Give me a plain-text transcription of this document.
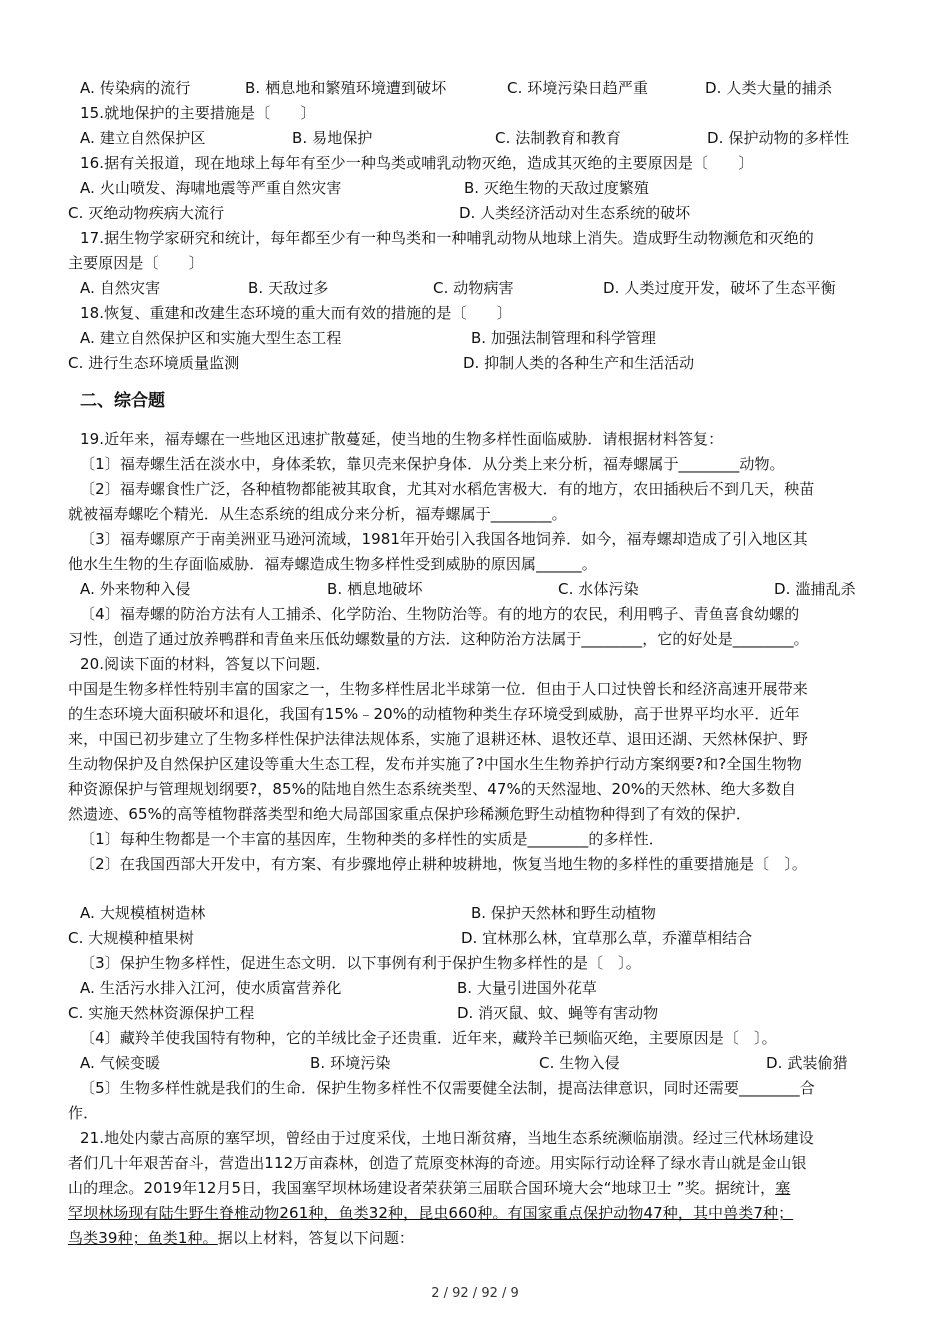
A. 传染病的流行	B. 栖息地和繁殖环境遭到破坏	C. 环境污染日趋严重	D. 人类大量的捕杀
15.就地保护的主要措施是〔　　〕
A. 建立自然保护区	B. 易地保护	C. 法制教育和教育	D. 保护动物的多样性
16.据有关报道，现在地球上每年有至少一种鸟类或哺乳动物灭绝，造成其灭绝的主要原因是〔　　〕
A. 火山喷发、海啸地震等严重自然灾害	B. 灭绝生物的天敌过度繁殖
C. 灭绝动物疾病大流行	D. 人类经济活动对生态系统的破坏
17.据生物学家研究和统计，每年都至少有一种鸟类和一种哺乳动物从地球上消失。造成野生动物濒危和灭绝的
主要原因是〔　　〕
A. 自然灾害	B. 天敌过多	C. 动物病害	D. 人类过度开发，破坏了生态平衡
18.恢复、重建和改建生态环境的重大而有效的措施的是〔　　〕
A. 建立自然保护区和实施大型生态工程	B. 加强法制管理和科学管理
C. 进行生态环境质量监测	D. 抑制人类的各种生产和生活活动
二、综合题
19.近年来，福寿螺在一些地区迅速扩散蔓延，使当地的生物多样性面临威胁．请根据材料答复：
〔1〕福寿螺生活在淡水中，身体柔软，靠贝壳来保护身体．从分类上来分析，福寿螺属于________动物。
〔2〕福寿螺食性广泛，各种植物都能被其取食，尤其对水稻危害极大．有的地方，农田插秧后不到几天，秧苗
就被福寿螺吃个精光．从生态系统的组成分来分析，福寿螺属于________。
〔3〕福寿螺原产于南美洲亚马逊河流域，1981年开始引入我国各地饲养．如今，福寿螺却造成了引入地区其
他水生生物的生存面临威胁．福寿螺造成生物多样性受到威胁的原因属______。
A. 外来物种入侵	B. 栖息地破坏	C. 水体污染	D. 滥捕乱杀
〔4〕福寿螺的防治方法有人工捕杀、化学防治、生物防治等。有的地方的农民，利用鸭子、青鱼喜食幼螺的
习性，创造了通过放养鸭群和青鱼来压低幼螺数量的方法．这种防治方法属于________，它的好处是________。
20.阅读下面的材料，答复以下问题．
中国是生物多样性特别丰富的国家之一，生物多样性居北半球第一位．但由于人口过快曾长和经济高速开展带来
的生态环境大面积破坏和退化，我国有15%﹣20%的动植物种类生存环境受到威胁，高于世界平均水平．近年
来，中国已初步建立了生物多样性保护法律法规体系，实施了退耕还林、退牧还草、退田还湖、天然林保护、野
生动物保护及自然保护区建设等重大生态工程，发布并实施了?中国水生生物养护行动方案纲要?和?全国生物物
种资源保护与管理规划纲要?，85%的陆地自然生态系统类型、47%的天然湿地、20%的天然林、绝大多数自
然遗迹、65%的高等植物群落类型和绝大局部国家重点保护珍稀濒危野生动植物种得到了有效的保护．
〔1〕每种生物都是一个丰富的基因库，生物种类的多样性的实质是________的多样性．
〔2〕在我国西部大开发中，有方案、有步骤地停止耕种坡耕地，恢复当地生物的多样性的重要措施是〔　〕。
A. 大规模植树造林	B. 保护天然林和野生动植物
C. 大规模种植果树	D. 宜林那么林，宜草那么草，乔灌草相结合
〔3〕保护生物多样性，促进生态文明．以下事例有利于保护生物多样性的是〔　〕。
A. 生活污水排入江河，使水质富营养化	B. 大量引进国外花草
C. 实施天然林资源保护工程	D. 消灭鼠、蚊、蝇等有害动物
〔4〕藏羚羊使我国特有物种，它的羊绒比金子还贵重．近年来，藏羚羊已频临灭绝，主要原因是〔　〕。
A. 气候变暖	B. 环境污染	C. 生物入侵	D. 武装偷猎
〔5〕生物多样性就是我们的生命．保护生物多样性不仅需要健全法制，提高法律意识，同时还需要________合
作．
21.地处内蒙古高原的塞罕坝，曾经由于过度采伐，土地日渐贫瘠，当地生态系统濒临崩溃。经过三代林场建设
者们几十年艰苦奋斗，营造出112万亩森林，创造了荒原变林海的奇迹。用实际行动诠释了绿水青山就是金山银
山的理念。2019年12月5日，我国塞罕坝林场建设者荣获第三届联合国环境大会“地球卫士 ”奖。据统计，塞
罕坝林场现有陆生野生脊椎动物261种，鱼类32种，昆虫660种。有国家重点保护动物47种，其中兽类7种；
鸟类39种；鱼类1种。据以上材料，答复以下问题：
2 / 92 / 92 / 9
